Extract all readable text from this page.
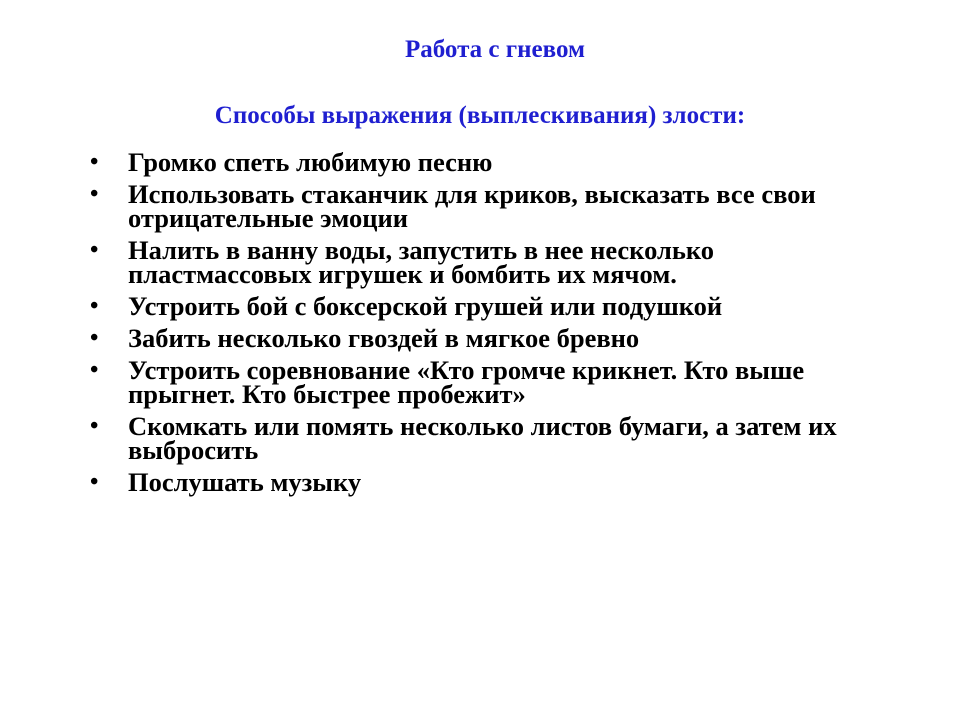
Работа с гневом
Способы выражения (выплескивания) злости:
• Громко спеть любимую песню
• Использовать стаканчик для криков, высказать все свои отрицательные эмоции
• Налить в ванну воды, запустить в нее несколько пластмассовых игрушек и бомбить их мячом.
• Устроить бой с боксерской грушей или подушкой
• Забить несколько гвоздей в мягкое бревно
• Устроить соревнование «Кто громче крикнет. Кто выше прыгнет. Кто быстрее пробежит»
• Скомкать или помять несколько листов бумаги, а затем их выбросить
• Послушать музыку
